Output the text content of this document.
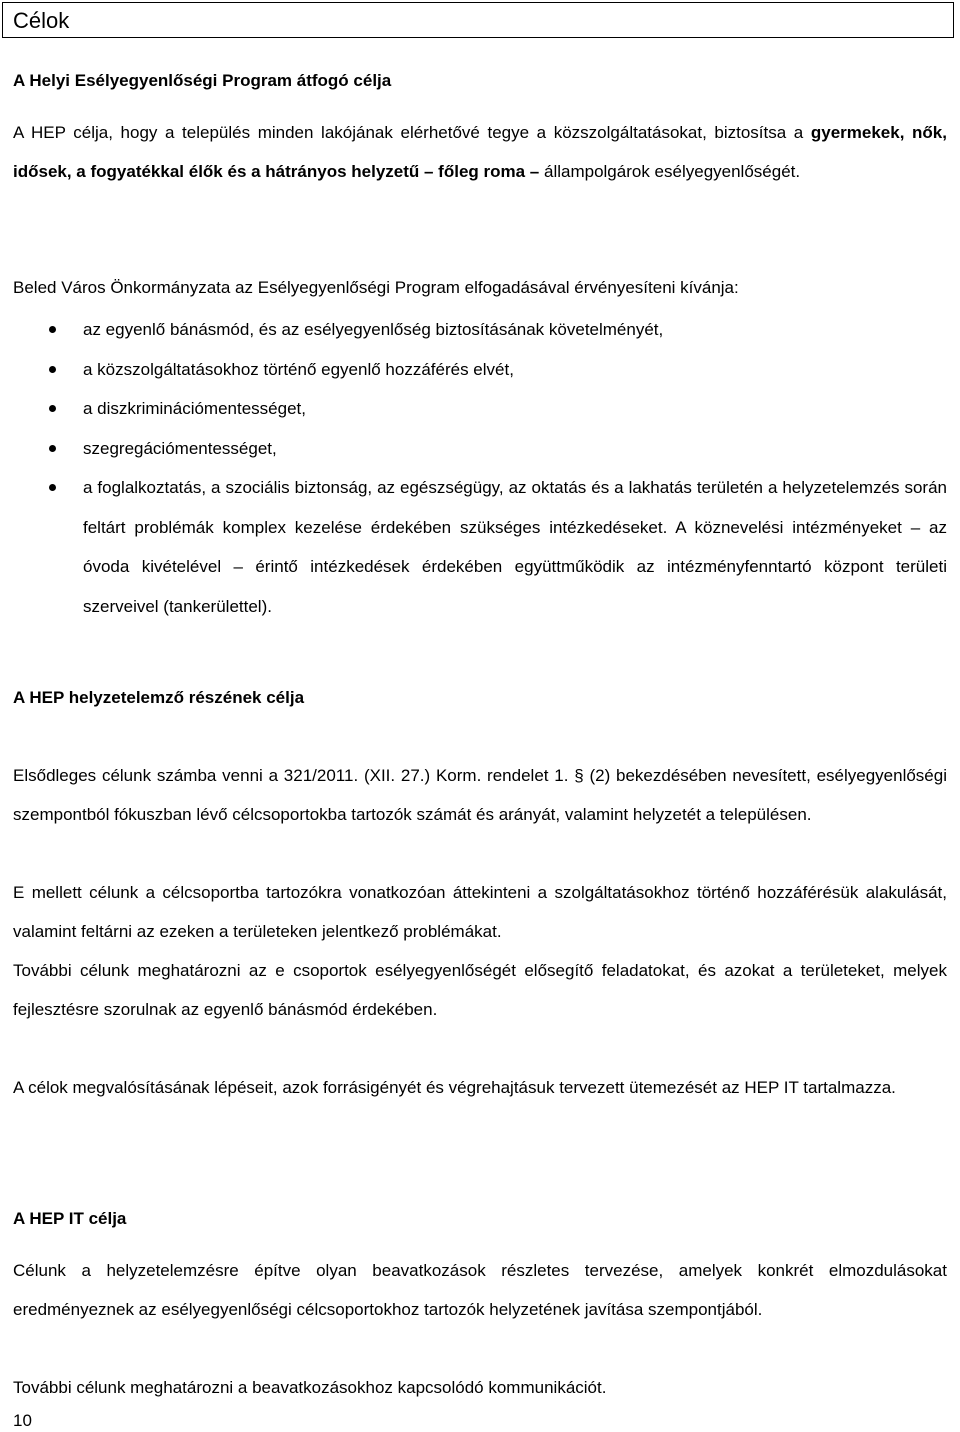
Célok
A Helyi Esélyegyenlőségi Program átfogó célja
A HEP célja, hogy a település minden lakójának elérhetővé tegye a közszolgáltatásokat, biztosítsa a gyermekek, nők, idősek, a fogyatékkal élők és a hátrányos helyzetű – főleg roma – állampolgárok esélyegyenlőségét.
Beled Város Önkormányzata az Esélyegyenlőségi Program elfogadásával érvényesíteni kívánja:
az egyenlő bánásmód, és az esélyegyenlőség biztosításának követelményét,
a közszolgáltatásokhoz történő egyenlő hozzáférés elvét,
a diszkriminációmentességet,
szegregációmentességet,
a foglalkoztatás, a szociális biztonság, az egészségügy, az oktatás és a lakhatás területén a helyzetelemzés során feltárt problémák komplex kezelése érdekében szükséges intézkedéseket. A köznevelési intézményeket – az óvoda kivételével – érintő intézkedések érdekében együttműködik az intézményfenntartó központ területi szerveivel (tankerülettel).
A HEP helyzetelemző részének célja
Elsődleges célunk számba venni a 321/2011. (XII. 27.) Korm. rendelet 1. § (2) bekezdésében nevesített, esélyegyenlőségi szempontból fókuszban lévő célcsoportokba tartozók számát és arányát, valamint helyzetét a településen.
E mellett célunk a célcsoportba tartozókra vonatkozóan áttekinteni a szolgáltatásokhoz történő hozzáférésük alakulását, valamint feltárni az ezeken a területeken jelentkező problémákat.
További célunk meghatározni az e csoportok esélyegyenlőségét elősegítő feladatokat, és azokat a területeket, melyek fejlesztésre szorulnak az egyenlő bánásmód érdekében.
A célok megvalósításának lépéseit, azok forrásigényét és végrehajtásuk tervezett ütemezését az HEP IT tartalmazza.
A HEP IT célja
Célunk a helyzetelemzésre építve olyan beavatkozások részletes tervezése, amelyek konkrét elmozdulásokat eredményeznek az esélyegyenlőségi célcsoportokhoz tartozók helyzetének javítása szempontjából.
További célunk meghatározni a beavatkozásokhoz kapcsolódó kommunikációt.
10
